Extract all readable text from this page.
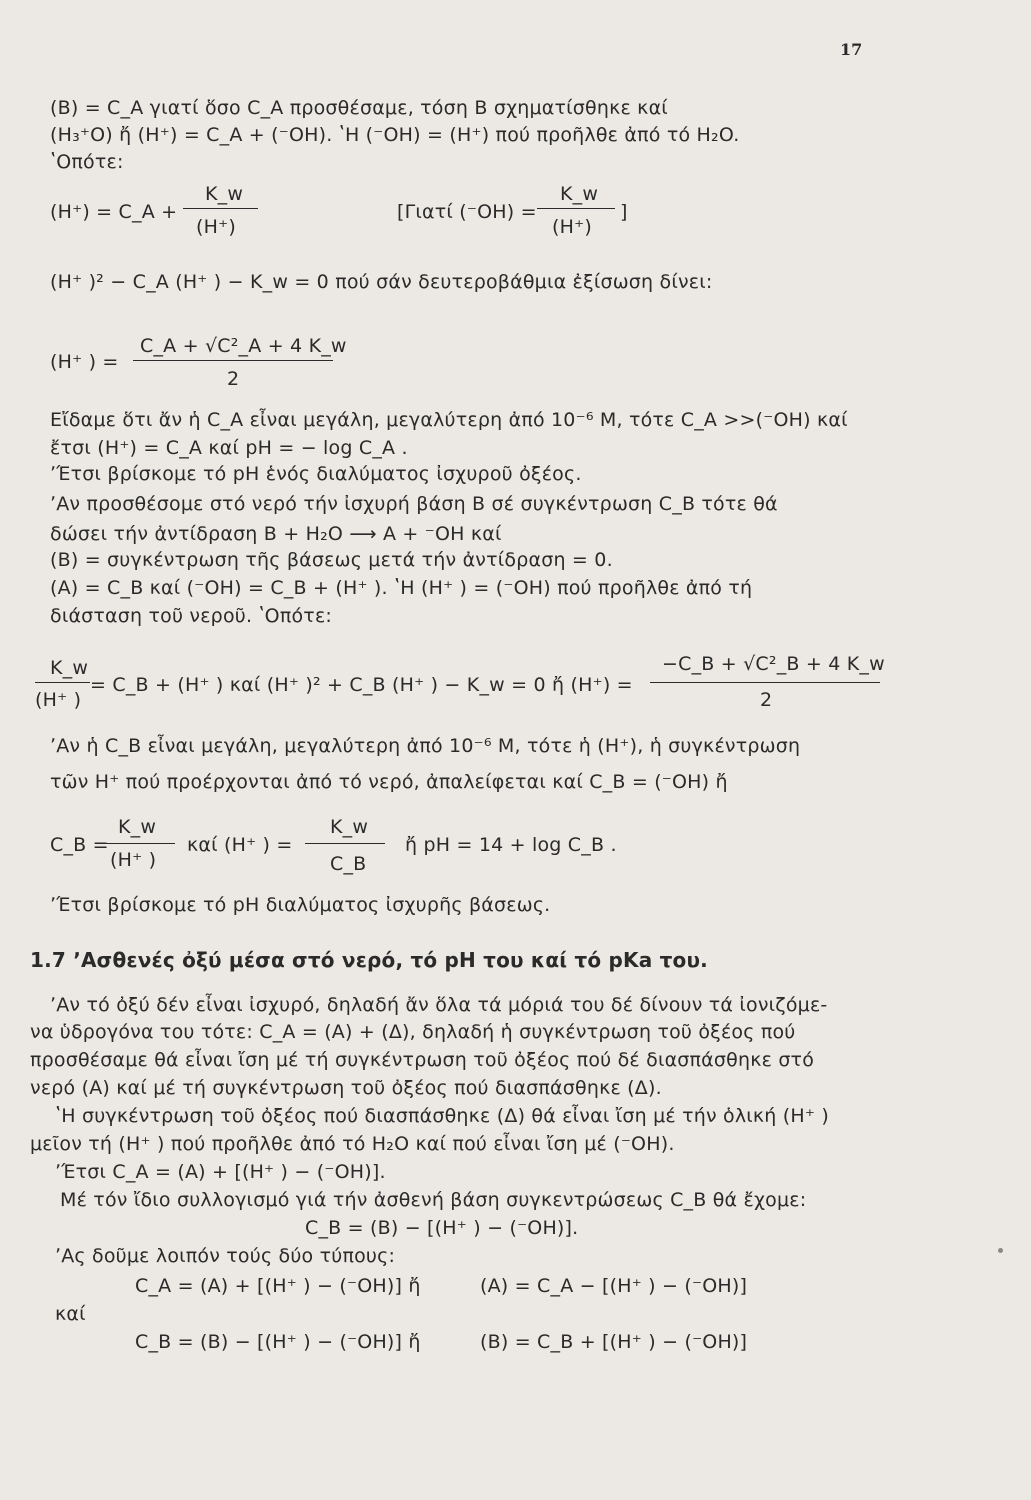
17
(B) = C_A γιατί ὅσο C_A προσθέσαμε, τόση B σχηματίσθηκε καί
(H₃⁺O) ἤ (H⁺) = C_A + (⁻OH). ʽH (⁻OH) = (H⁺) πού προῆλθε ἀπό τό H₂O.
ʽΟπότε:
(H⁺) = C_A +
K_w
(H⁺)
[Γιατί (⁻OH) =
K_w
(H⁺)
]
(H⁺ )² − C_A (H⁺ ) − K_w = 0 πού σάν δευτεροβάθμια ἐξίσωση δίνει:
(H⁺ ) =
C_A + √C²_A + 4 K_w
2
Εἴδαμε ὅτι ἄν ἡ C_A εἶναι μεγάλη, μεγαλύτερη ἀπό 10⁻⁶ M, τότε C_A >>(⁻OH) καί
ἔτσι (H⁺) = C_A καί pH = − log C_A .
ʼΈτσι βρίσκομε τό pH ἑνός διαλύματος ἰσχυροῦ ὀξέος.
ʼΑν προσθέσομε στό νερό τήν ἰσχυρή βάση B σέ συγκέντρωση C_B τότε θά
δώσει τήν ἀντίδραση B + H₂O ⟶ A + ⁻OH καί
(B) = συγκέντρωση τῆς βάσεως μετά τήν ἀντίδραση = 0.
(A) = C_B καί (⁻OH) = C_B + (H⁺ ). ʽH (H⁺ ) = (⁻OH) πού προῆλθε ἀπό τή
διάσταση τοῦ νεροῦ. ʽΟπότε:
K_w
(H⁺ )
= C_B + (H⁺ ) καί (H⁺ )² + C_B (H⁺ ) − K_w = 0 ἤ (H⁺) =
−C_B + √C²_B + 4 K_w
2
ʼΑν ἡ C_B εἶναι μεγάλη, μεγαλύτερη ἀπό 10⁻⁶ M, τότε ἡ (H⁺), ἡ συγκέντρωση
τῶν H⁺ πού προέρχονται ἀπό τό νερό, ἀπαλείφεται καί C_B = (⁻OH) ἤ
C_B =
K_w
(H⁺ )
καί (H⁺ ) =
K_w
C_B
ἤ pH = 14 + log C_B .
ʼΈτσι βρίσκομε τό pH διαλύματος ἰσχυρῆς βάσεως.
1.7 ʼΑσθενές ὀξύ μέσα στό νερό, τό pH του καί τό pKa του.
ʼΑν τό ὀξύ δέν εἶναι ἰσχυρό, δηλαδή ἄν ὅλα τά μόριά του δέ δίνουν τά ἰονιζόμε-
να ὑδρογόνα του τότε: C_A = (A) + (Δ), δηλαδή ἡ συγκέντρωση τοῦ ὀξέος πού
προσθέσαμε θά εἶναι ἴση μέ τή συγκέντρωση τοῦ ὀξέος πού δέ διασπάσθηκε στό
νερό (A) καί μέ τή συγκέντρωση τοῦ ὀξέος πού διασπάσθηκε (Δ).
ʽH συγκέντρωση τοῦ ὀξέος πού διασπάσθηκε (Δ) θά εἶναι ἴση μέ τήν ὁλική (H⁺ )
μεῖον τή (H⁺ ) πού προῆλθε ἀπό τό H₂O καί πού εἶναι ἴση μέ (⁻OH).
ʼΈτσι C_A = (A) + [(H⁺ ) − (⁻OH)].
Μέ τόν ἴδιο συλλογισμό γιά τήν ἀσθενή βάση συγκεντρώσεως C_B θά ἔχομε:
C_B = (B) − [(H⁺ ) − (⁻OH)].
ʼΑς δοῦμε λοιπόν τούς δύο τύπους:
C_A = (A) + [(H⁺ ) − (⁻OH)] ἤ	(A) = C_A − [(H⁺ ) − (⁻OH)]
καί
C_B = (B) − [(H⁺ ) − (⁻OH)] ἤ	(B) = C_B + [(H⁺ ) − (⁻OH)]
